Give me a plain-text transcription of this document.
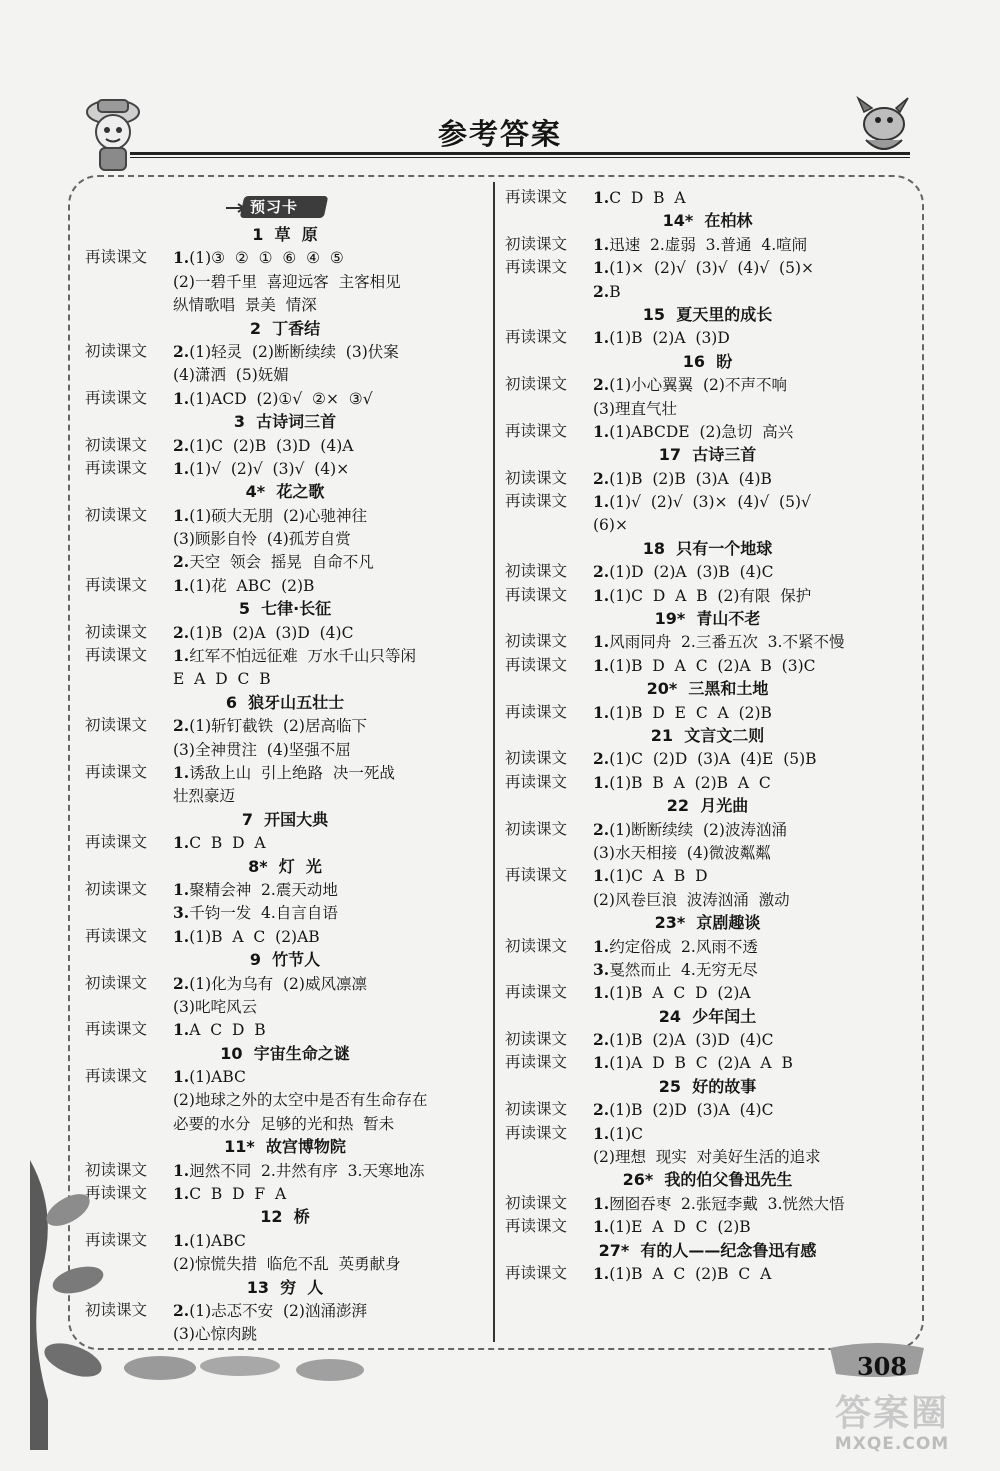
参考答案
预习卡
1  草  原
再读课文	1.(1)③  ②  ①  ⑥  ④  ⑤
(2)一碧千里  喜迎远客  主客相见
纵情歌唱  景美  情深
2  丁香结
初读课文	2.(1)轻灵  (2)断断续续  (3)伏案
(4)潇洒  (5)妩媚
再读课文	1.(1)ACD  (2)①√  ②×  ③√
3  古诗词三首
初读课文	2.(1)C  (2)B  (3)D  (4)A
再读课文	1.(1)√  (2)√  (3)√  (4)×
4*  花之歌
初读课文	1.(1)硕大无朋  (2)心驰神往
(3)顾影自怜  (4)孤芳自赏
2.天空  领会  摇晃  自命不凡
再读课文	1.(1)花  ABC  (2)B
5  七律·长征
初读课文	2.(1)B  (2)A  (3)D  (4)C
再读课文	1.红军不怕远征难  万水千山只等闲
E  A  D  C  B
6  狼牙山五壮士
初读课文	2.(1)斩钉截铁  (2)居高临下
(3)全神贯注  (4)坚强不屈
再读课文	1.诱敌上山  引上绝路  决一死战
壮烈豪迈
7  开国大典
再读课文	1.C  B  D  A
8*  灯  光
初读课文	1.聚精会神  2.震天动地
3.千钧一发  4.自言自语
再读课文	1.(1)B  A  C  (2)AB
9  竹节人
初读课文	2.(1)化为乌有  (2)威风凛凛
(3)叱咤风云
再读课文	1.A  C  D  B
10  宇宙生命之谜
再读课文	1.(1)ABC
(2)地球之外的太空中是否有生命存在
必要的水分  足够的光和热  暂未
11*  故宫博物院
初读课文	1.迥然不同  2.井然有序  3.天寒地冻
再读课文	1.C  B  D  F  A
12  桥
再读课文	1.(1)ABC
(2)惊慌失措  临危不乱  英勇献身
13  穷  人
初读课文	2.(1)忐忑不安  (2)汹涌澎湃
(3)心惊肉跳
再读课文	1.C  D  B  A
14*  在柏林
初读课文	1.迅速  2.虚弱  3.普通  4.喧闹
再读课文	1.(1)×  (2)√  (3)√  (4)√  (5)×
2.B
15  夏天里的成长
再读课文	1.(1)B  (2)A  (3)D
16  盼
初读课文	2.(1)小心翼翼  (2)不声不响
(3)理直气壮
再读课文	1.(1)ABCDE  (2)急切  高兴
17  古诗三首
初读课文	2.(1)B  (2)B  (3)A  (4)B
再读课文	1.(1)√  (2)√  (3)×  (4)√  (5)√
(6)×
18  只有一个地球
初读课文	2.(1)D  (2)A  (3)B  (4)C
再读课文	1.(1)C  D  A  B  (2)有限  保护
19*  青山不老
初读课文	1.风雨同舟  2.三番五次  3.不紧不慢
再读课文	1.(1)B  D  A  C  (2)A  B  (3)C
20*  三黑和土地
再读课文	1.(1)B  D  E  C  A  (2)B
21  文言文二则
初读课文	2.(1)C  (2)D  (3)A  (4)E  (5)B
再读课文	1.(1)B  B  A  (2)B  A  C
22  月光曲
初读课文	2.(1)断断续续  (2)波涛汹涌
(3)水天相接  (4)微波粼粼
再读课文	1.(1)C  A  B  D
(2)风卷巨浪  波涛汹涌  激动
23*  京剧趣谈
初读课文	1.约定俗成  2.风雨不透
3.戛然而止  4.无穷无尽
再读课文	1.(1)B  A  C  D  (2)A
24  少年闰土
初读课文	2.(1)B  (2)A  (3)D  (4)C
再读课文	1.(1)A  D  B  C  (2)A  A  B
25  好的故事
初读课文	2.(1)B  (2)D  (3)A  (4)C
再读课文	1.(1)C
(2)理想  现实  对美好生活的追求
26*  我的伯父鲁迅先生
初读课文	1.囫囵吞枣  2.张冠李戴  3.恍然大悟
再读课文	1.(1)E  A  D  C  (2)B
27*  有的人——纪念鲁迅有感
再读课文	1.(1)B  A  C  (2)B  C  A
308
答案圈
MXQE.COM
